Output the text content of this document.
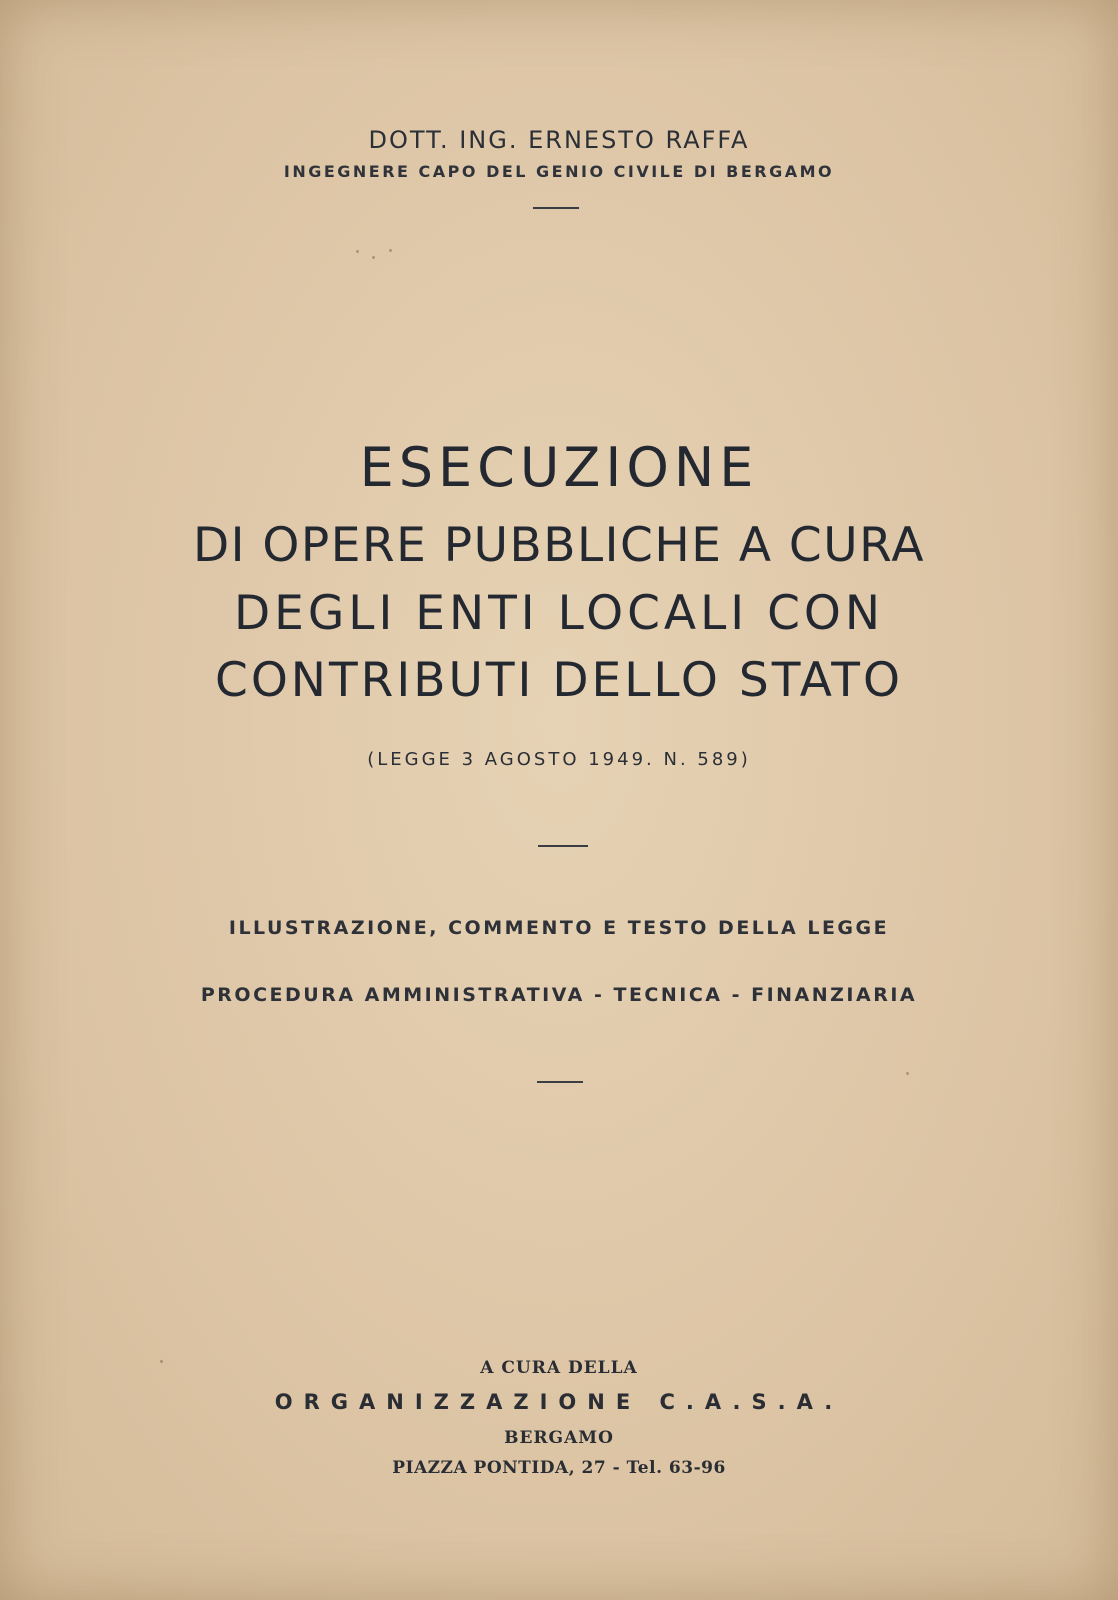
DOTT. ING. ERNESTO RAFFA
INGEGNERE CAPO DEL GENIO CIVILE DI BERGAMO
ESECUZIONE
DI OPERE PUBBLICHE A CURA
DEGLI ENTI LOCALI CON
CONTRIBUTI DELLO STATO
(LEGGE 3 AGOSTO 1949. N. 589)
ILLUSTRAZIONE, COMMENTO E TESTO DELLA LEGGE
PROCEDURA AMMINISTRATIVA - TECNICA - FINANZIARIA
A CURA DELLA
ORGANIZZAZIONE C.A.S.A.
BERGAMO
PIAZZA PONTIDA, 27 - Tel. 63-96
